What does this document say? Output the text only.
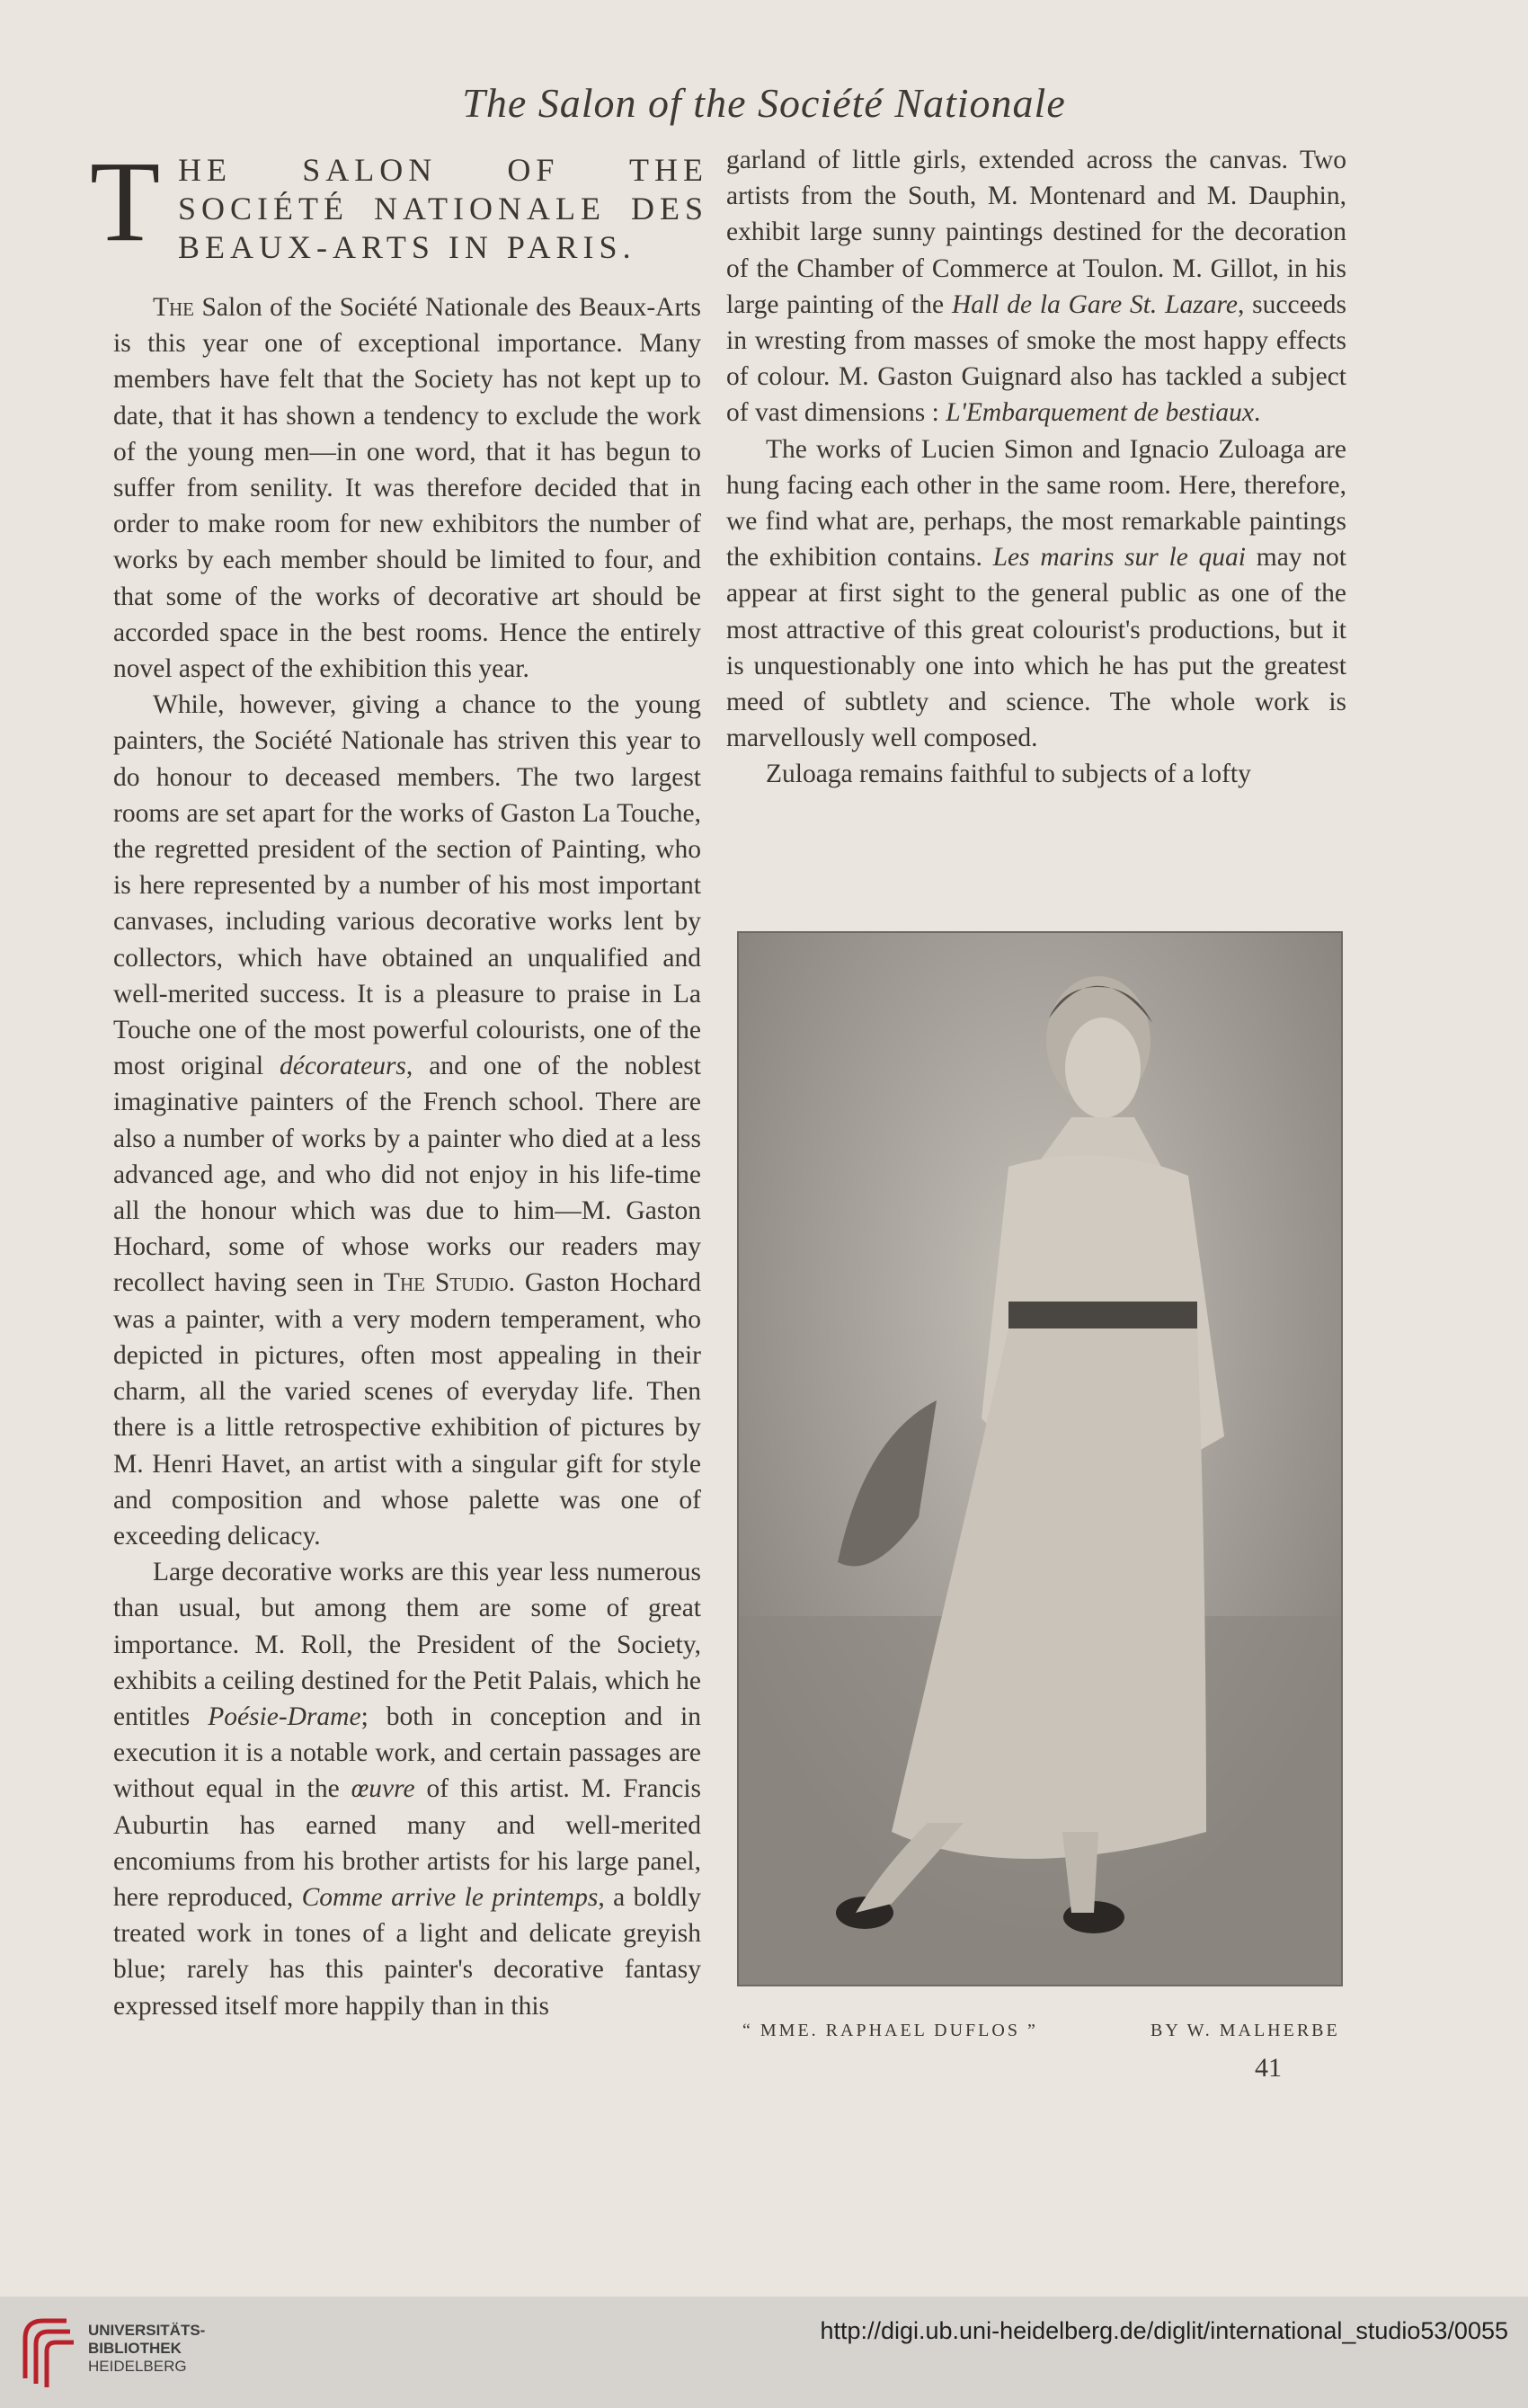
The Salon of the Société Nationale
T HE SALON OF THE SOCIÉTÉ NATIONALE DES BEAUX-ARTS IN PARIS.

The Salon of the Société Nationale des Beaux-Arts is this year one of exceptional importance. Many members have felt that the Society has not kept up to date, that it has shown a tendency to exclude the work of the young men—in one word, that it has begun to suffer from senility. It was therefore decided that in order to make room for new exhibitors the number of works by each member should be limited to four, and that some of the works of decorative art should be accorded space in the best rooms. Hence the entirely novel aspect of the exhibition this year.

While, however, giving a chance to the young painters, the Société Nationale has striven this year to do honour to deceased members. The two largest rooms are set apart for the works of Gaston La Touche, the regretted president of the section of Painting, who is here represented by a number of his most important canvases, including various decorative works lent by collectors, which have obtained an unqualified and well-merited success. It is a pleasure to praise in La Touche one of the most powerful colourists, one of the most original décorateurs, and one of the noblest imaginative painters of the French school. There are also a number of works by a painter who died at a less advanced age, and who did not enjoy in his life-time all the honour which was due to him—M. Gaston Hochard, some of whose works our readers may recollect having seen in The Studio. Gaston Hochard was a painter, with a very modern temperament, who depicted in pictures, often most appealing in their charm, all the varied scenes of everyday life. Then there is a little retrospective exhibition of pictures by M. Henri Havet, an artist with a singular gift for style and composition and whose palette was one of exceeding delicacy.

Large decorative works are this year less numerous than usual, but among them are some of great importance. M. Roll, the President of the Society, exhibits a ceiling destined for the Petit Palais, which he entitles Poésie-Drame; both in conception and in execution it is a notable work, and certain passages are without equal in the œuvre of this artist. M. Francis Auburtin has earned many and well-merited encomiums from his brother artists for his large panel, here reproduced, Comme arrive le printemps, a boldly treated work in tones of a light and delicate greyish blue; rarely has this painter's decorative fantasy expressed itself more happily than in this

garland of little girls, extended across the canvas. Two artists from the South, M. Montenard and M. Dauphin, exhibit large sunny paintings destined for the decoration of the Chamber of Commerce at Toulon. M. Gillot, in his large painting of the Hall de la Gare St. Lazare, succeeds in wresting from masses of smoke the most happy effects of colour. M. Gaston Guignard also has tackled a subject of vast dimensions : L'Embarquement de bestiaux.

The works of Lucien Simon and Ignacio Zuloaga are hung facing each other in the same room. Here, therefore, we find what are, perhaps, the most remarkable paintings the exhibition contains. Les marins sur le quai may not appear at first sight to the general public as one of the most attractive of this great colourist's productions, but it is unquestionably one into which he has put the greatest meed of subtlety and science. The whole work is marvellously well composed.

Zuloaga remains faithful to subjects of a lofty

“ MME. RAPHAEL DUFLOS ”	BY W. MALHERBE
41
UNIVERSITÄTS-
BIBLIOTHEK
HEIDELBERG
http://digi.ub.uni-heidelberg.de/diglit/international_studio53/0055
